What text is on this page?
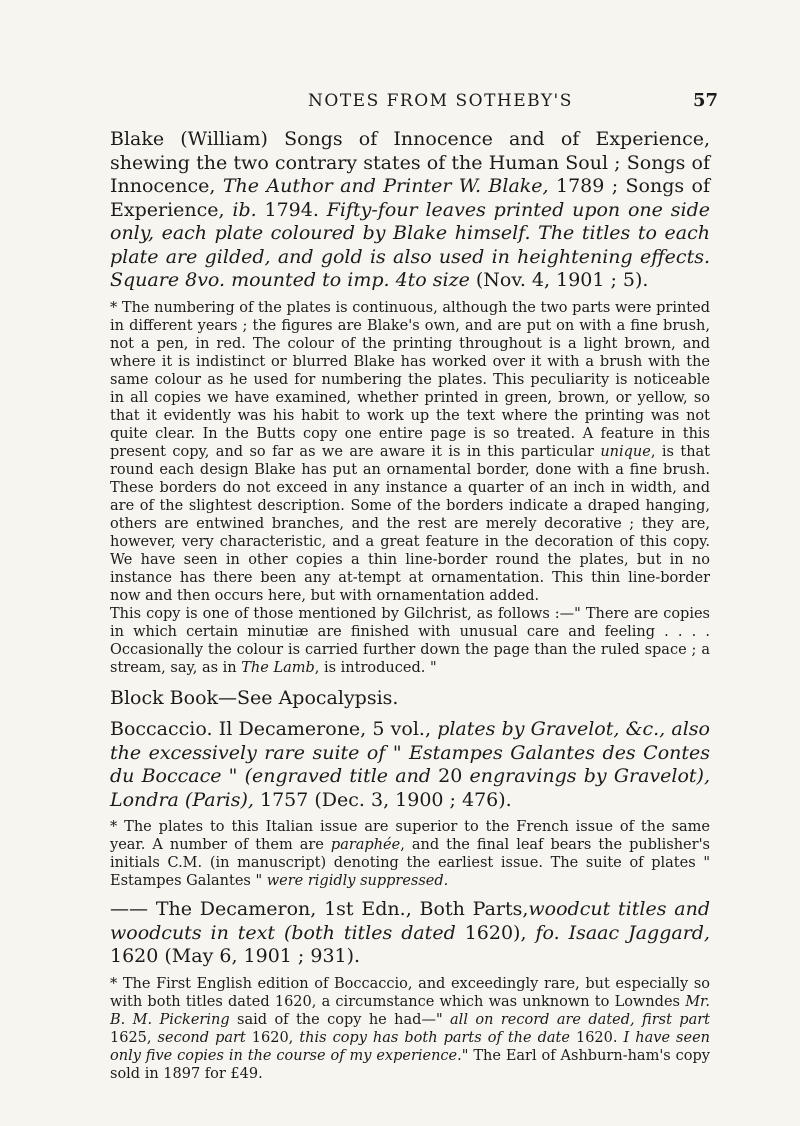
NOTES FROM SOTHEBY'S	57

Blake (William) Songs of Innocence and of Experience, shewing the two contrary states of the Human Soul ; Songs of Innocence, The Author and Printer W. Blake, 1789 ; Songs of Experience, ib. 1794. Fifty-four leaves printed upon one side only, each plate coloured by Blake himself. The titles to each plate are gilded, and gold is also used in heightening effects. Square 8vo. mounted to imp. 4to size (Nov. 4, 1901 ; 5).

* The numbering of the plates is continuous, although the two parts were printed in different years ; the figures are Blake's own, and are put on with a fine brush, not a pen, in red. The colour of the printing throughout is a light brown, and where it is indistinct or blurred Blake has worked over it with a brush with the same colour as he used for numbering the plates. This peculiarity is noticeable in all copies we have examined, whether printed in green, brown, or yellow, so that it evidently was his habit to work up the text where the printing was not quite clear. In the Butts copy one entire page is so treated. A feature in this present copy, and so far as we are aware it is in this particular unique, is that round each design Blake has put an ornamental border, done with a fine brush. These borders do not exceed in any instance a quarter of an inch in width, and are of the slightest description. Some of the borders indicate a draped hanging, others are entwined branches, and the rest are merely decorative ; they are, however, very characteristic, and a great feature in the decoration of this copy. We have seen in other copies a thin line-border round the plates, but in no instance has there been any at-tempt at ornamentation. This thin line-border now and then occurs here, but with ornamentation added.

This copy is one of those mentioned by Gilchrist, as follows :—" There are copies in which certain minutiæ are finished with unusual care and feeling . . . . Occasionally the colour is carried further down the page than the ruled space ; a stream, say, as in The Lamb, is introduced. "

Block Book—See Apocalypsis.

Boccaccio. Il Decamerone, 5 vol., plates by Gravelot, &c., also the excessively rare suite of " Estampes Galantes des Contes du Boccace " (engraved title and 20 engravings by Gravelot), Londra (Paris), 1757 (Dec. 3, 1900 ; 476).

* The plates to this Italian issue are superior to the French issue of the same year. A number of them are paraphée, and the final leaf bears the publisher's initials C.M. (in manuscript) denoting the earliest issue. The suite of plates " Estampes Galantes " were rigidly suppressed.

—— The Decameron, 1st Edn., Both Parts,woodcut titles and woodcuts in text (both titles dated 1620), fo. Isaac Jaggard, 1620 (May 6, 1901 ; 931).

* The First English edition of Boccaccio, and exceedingly rare, but especially so with both titles dated 1620, a circumstance which was unknown to Lowndes Mr. B. M. Pickering said of the copy he had—" all on record are dated, first part 1625, second part 1620, this copy has both parts of the date 1620. I have seen only five copies in the course of my experience." The Earl of Ashburn-ham's copy sold in 1897 for £49.
